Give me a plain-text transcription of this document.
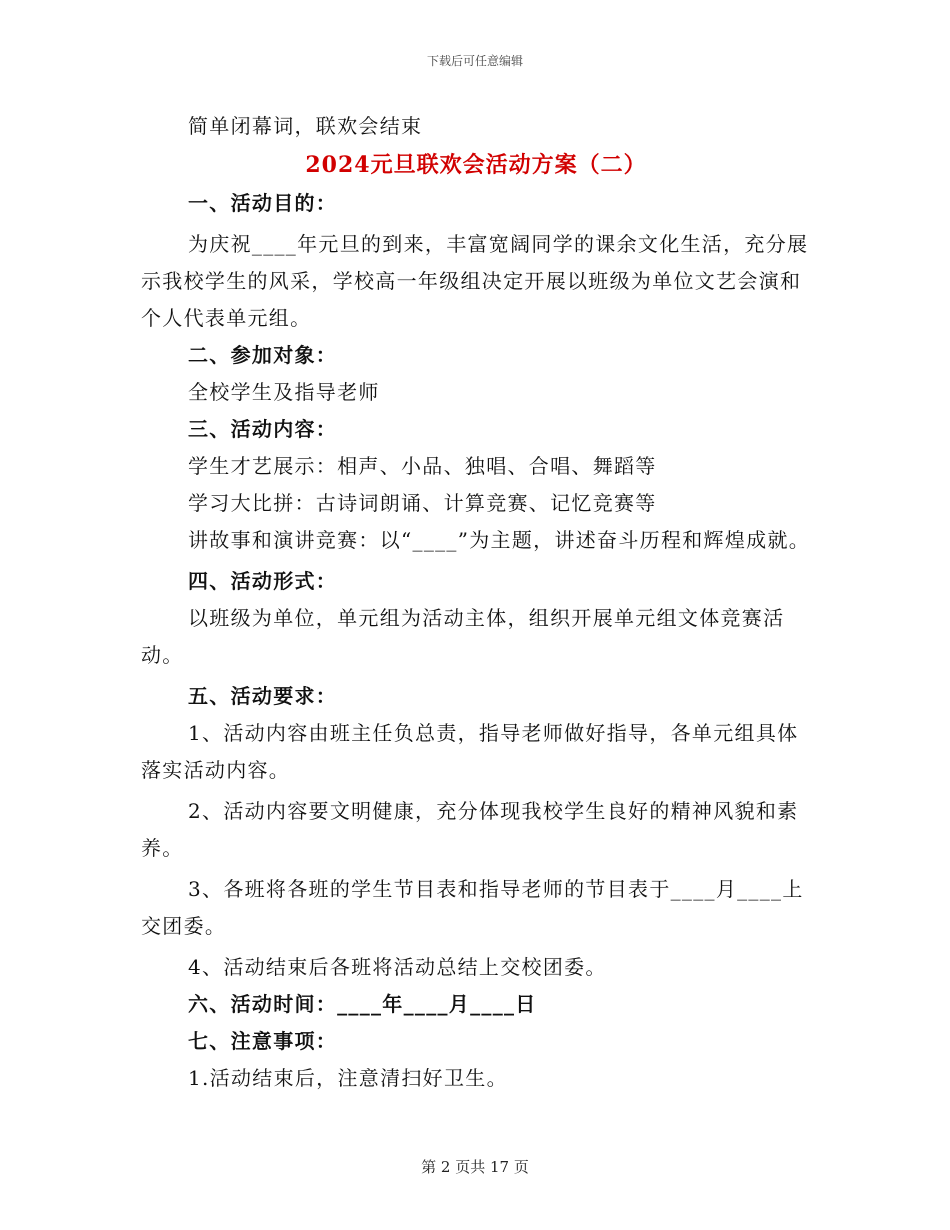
下载后可任意编辑

简单闭幕词，联欢会结束

2024元旦联欢会活动方案（二）

一、活动目的：

为庆祝____年元旦的到来，丰富宽阔同学的课余文化生活，充分展示我校学生的风采，学校高一年级组决定开展以班级为单位文艺会演和个人代表单元组。

二、参加对象：

全校学生及指导老师

三、活动内容：

学生才艺展示：相声、小品、独唱、合唱、舞蹈等

学习大比拼：古诗词朗诵、计算竞赛、记忆竞赛等

讲故事和演讲竞赛：以“____”为主题，讲述奋斗历程和辉煌成就。

四、活动形式：

以班级为单位，单元组为活动主体，组织开展单元组文体竞赛活动。

五、活动要求：

1、活动内容由班主任负总责，指导老师做好指导，各单元组具体落实活动内容。

2、活动内容要文明健康，充分体现我校学生良好的精神风貌和素养。

3、各班将各班的学生节目表和指导老师的节目表于____月____上交团委。

4、活动结束后各班将活动总结上交校团委。

六、活动时间：____年____月____日

七、注意事项：

1.活动结束后，注意清扫好卫生。

第 2 页共 17 页
